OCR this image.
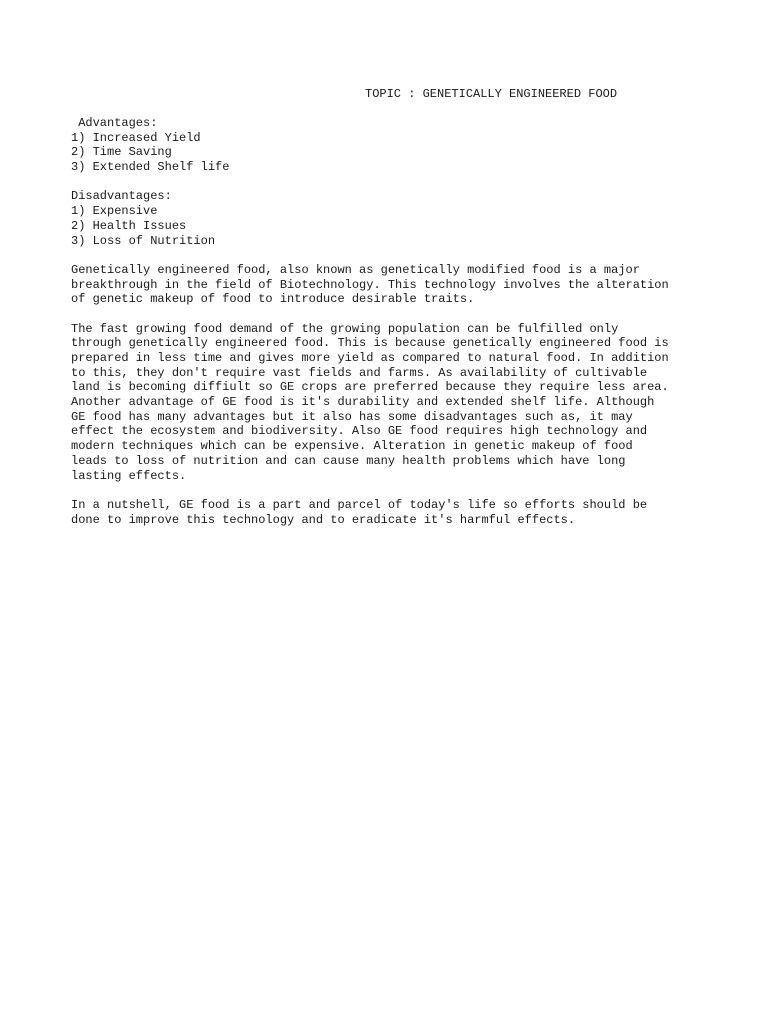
TOPIC : GENETICALLY ENGINEERED FOOD
Advantages:
1) Increased Yield
2) Time Saving
3) Extended Shelf life
Disadvantages:
1) Expensive
2) Health Issues
3) Loss of Nutrition
Genetically engineered food, also known as genetically modified food is a major
breakthrough in the field of Biotechnology. This technology involves the alteration
of genetic makeup of food to introduce desirable traits.
The fast growing food demand of the growing population can be fulfilled only
through genetically engineered food. This is because genetically engineered food is
prepared in less time and gives more yield as compared to natural food. In addition
to this, they don't require vast fields and farms. As availability of cultivable
land is becoming diffiult so GE crops are preferred because they require less area.
Another advantage of GE food is it's durability and extended shelf life. Although
GE food has many advantages but it also has some disadvantages such as, it may
effect the ecosystem and biodiversity. Also GE food requires high technology and
modern techniques which can be expensive. Alteration in genetic makeup of food
leads to loss of nutrition and can cause many health problems which have long
lasting effects.
In a nutshell, GE food is a part and parcel of today's life so efforts should be
done to improve this technology and to eradicate it's harmful effects.
